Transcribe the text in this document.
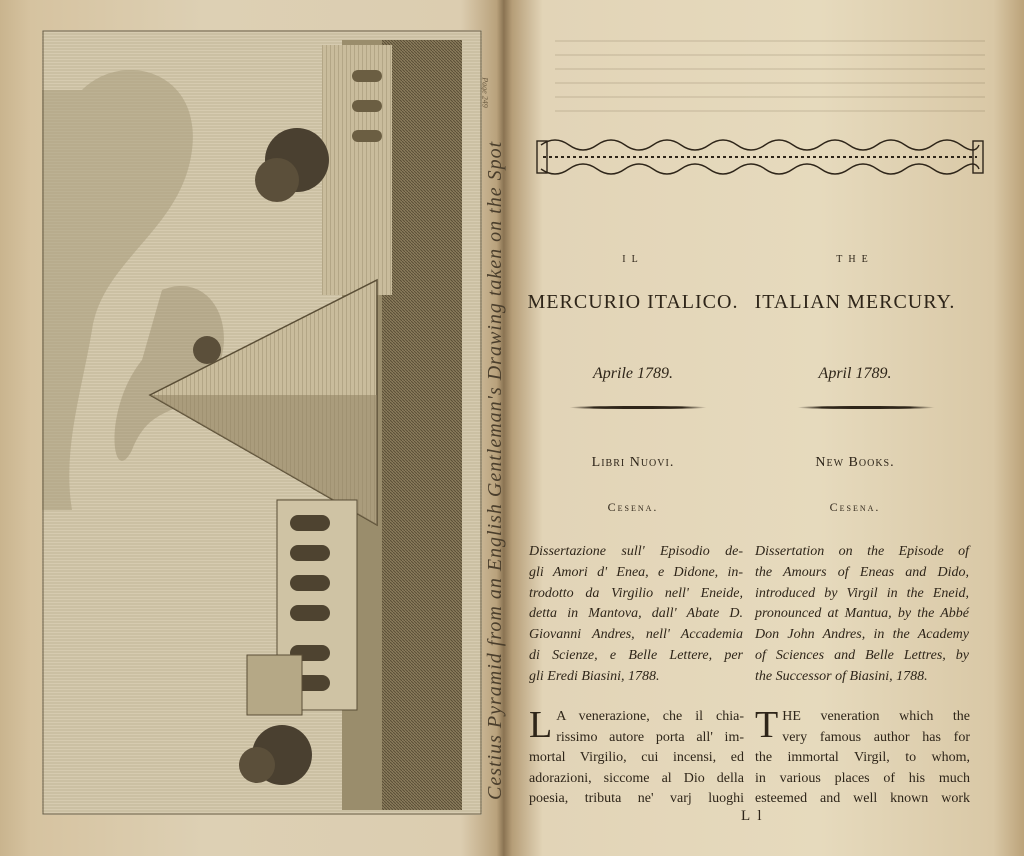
Cestius Pyramid from an English Gentleman's Drawing taken on the Spot
Page 249
IL	THE
MERCURIO ITALICO. ITALIAN MERCURY.
Aprile 1789.	April 1789.
Libri Nuovi.	New Books.
Cesena.	Cesena.
Dissertazione sull' Episodio de-
gli Amori d' Enea, e Didone, in-
trodotto da Virgilio nell' Eneide,
detta in Mantova, dall' Abate D.
Giovanni Andres, nell' Accademia
di Scienze, e Belle Lettere, per
gli Eredi Biasini, 1788.
Dissertation on the Episode of
the Amours of Eneas and Dido,
introduced by Virgil in the Eneid,
pronounced at Mantua, by the Abbé
Don John Andres, in the Academy
of Sciences and Belle Lettres, by
the Successor of Biasini, 1788.
L A venerazione, che il chia-
rissimo autore porta all' im-
mortal Virgilio, cui incensi, ed
adorazioni, siccome al Dio della
poesia, tributa ne' varj luoghi
T HE veneration which the
very famous author has for
the immortal Virgil, to whom,
in various places of his much
esteemed and well known work
L l
